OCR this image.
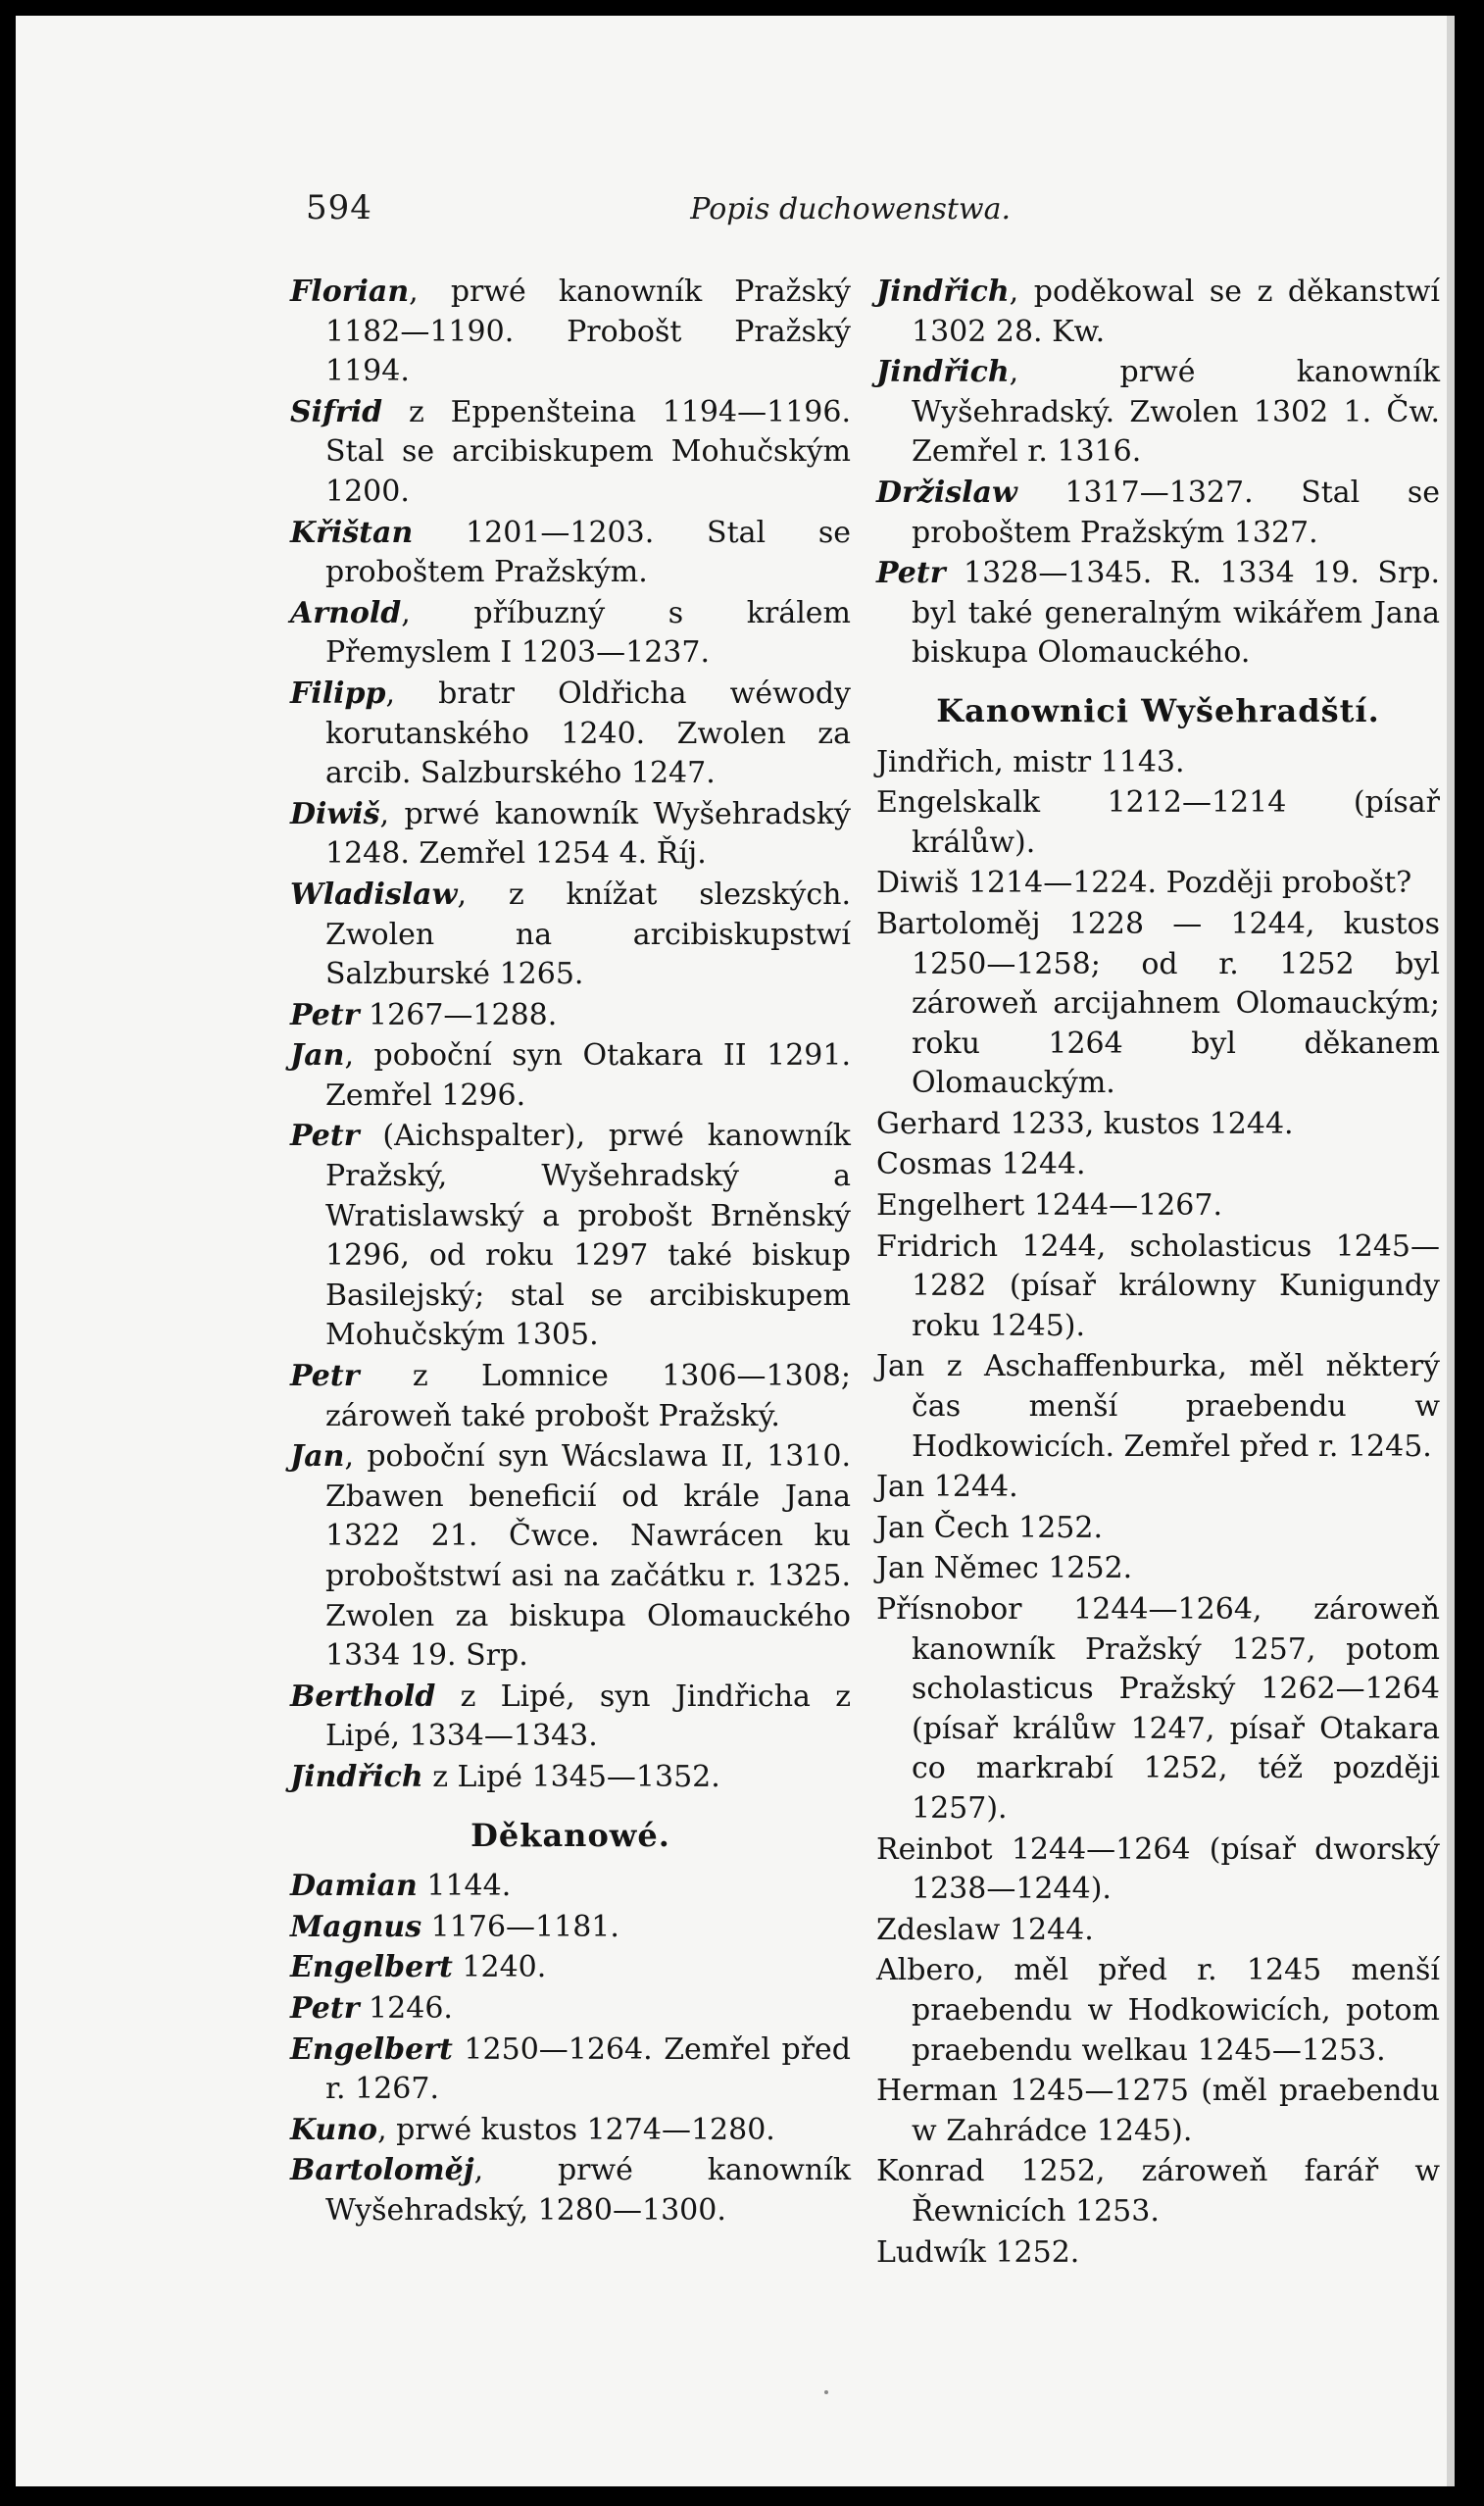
594	Popis duchowenstwa.

Florian, prwé kanowník Pražský 1182—1190. Probošt Pražský 1194.

Sifrid z Eppenšteina 1194—1196. Stal se arcibiskupem Mohučským 1200.

Křištan 1201—1203. Stal se proboštem Pražským.

Arnold, příbuzný s králem Přemyslem I 1203—1237.

Filipp, bratr Oldřicha wéwody korutanského 1240. Zwolen za arcib. Salzburského 1247.

Diwiš, prwé kanowník Wyšehradský 1248. Zemřel 1254 4. Říj.

Wladislaw, z knížat slezských. Zwolen na arcibiskupstwí Salzburské 1265.

Petr 1267—1288.

Jan, poboční syn Otakara II 1291. Zemřel 1296.

Petr (Aichspalter), prwé kanowník Pražský, Wyšehradský a Wratislawský a probošt Brněnský 1296, od roku 1297 také biskup Basilejský; stal se arcibiskupem Mohučským 1305.

Petr z Lomnice 1306—1308; zároweň také probošt Pražský.

Jan, poboční syn Wácslawa II, 1310. Zbawen beneficií od krále Jana 1322 21. Čwce. Nawrácen ku proboštstwí asi na začátku r. 1325. Zwolen za biskupa Olomauckého 1334 19. Srp.

Berthold z Lipé, syn Jindřicha z Lipé, 1334—1343.

Jindřich z Lipé 1345—1352.

Děkanowé.

Damian 1144.

Magnus 1176—1181.

Engelbert 1240.

Petr 1246.

Engelbert 1250—1264. Zemřel před r. 1267.

Kuno, prwé kustos 1274—1280.

Bartoloměj, prwé kanowník Wyšehradský, 1280—1300.

Jindřich, poděkowal se z děkanstwí 1302 28. Kw.

Jindřich, prwé kanowník Wyšehradský. Zwolen 1302 1. Čw. Zemřel r. 1316.

Držislaw 1317—1327. Stal se proboštem Pražským 1327.

Petr 1328—1345. R. 1334 19. Srp. byl také generalným wikářem Jana biskupa Olomauckého.

Kanownici Wyšehradští.

Jindřich, mistr 1143.

Engelskalk 1212—1214 (písař králůw).

Diwiš 1214—1224. Později probošt?

Bartoloměj 1228 — 1244, kustos 1250—1258; od r. 1252 byl zároweň arcijahnem Olomauckým; roku 1264 byl děkanem Olomauckým.

Gerhard 1233, kustos 1244.

Cosmas 1244.

Engelhert 1244—1267.

Fridrich 1244, scholasticus 1245—1282 (písař králowny Kunigundy roku 1245).

Jan z Aschaffenburka, měl některý čas menší praebendu w Hodkowicích. Zemřel před r. 1245.

Jan 1244.

Jan Čech 1252.

Jan Němec 1252.

Přísnobor 1244—1264, zároweň kanowník Pražský 1257, potom scholasticus Pražský 1262—1264 (písař králůw 1247, písař Otakara co markrabí 1252, též později 1257).

Reinbot 1244—1264 (písař dworský 1238—1244).

Zdeslaw 1244.

Albero, měl před r. 1245 menší praebendu w Hodkowicích, potom praebendu welkau 1245—1253.

Herman 1245—1275 (měl praebendu w Zahrádce 1245).

Konrad 1252, zároweň farář w Řewnicích 1253.

Ludwík 1252.
